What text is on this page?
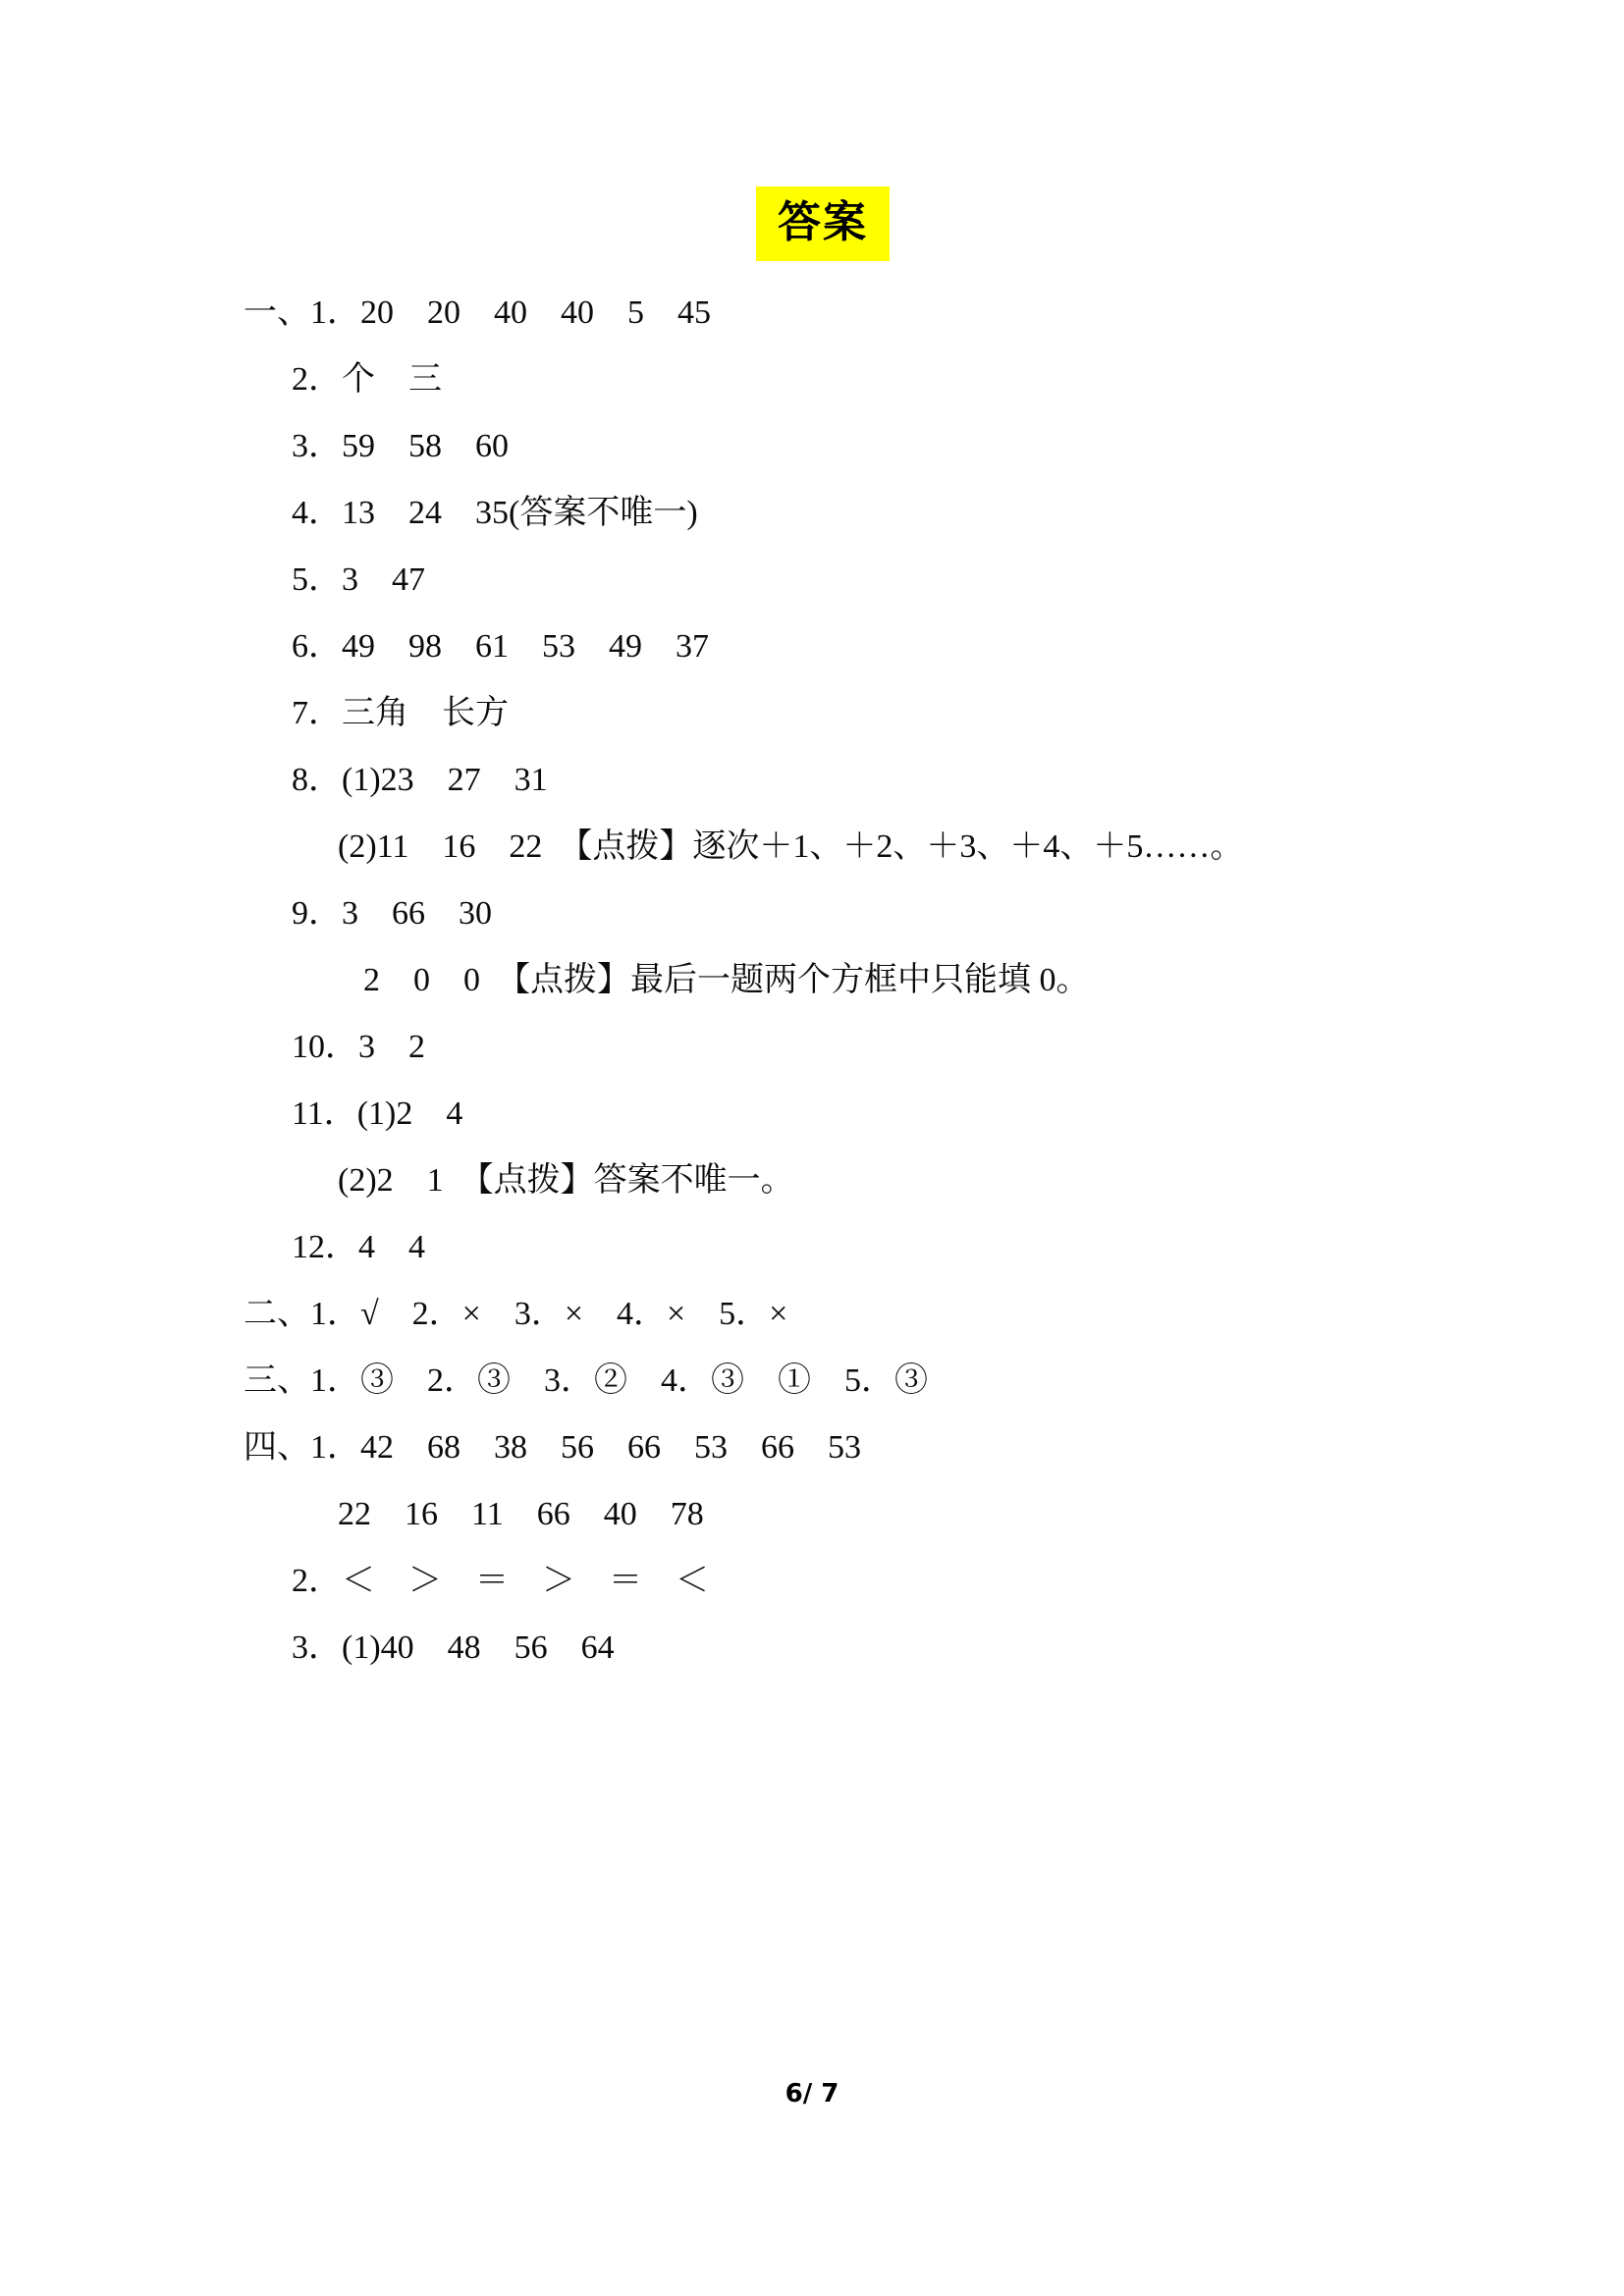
答案
一、1．20　20　40　40　5　45
2．个　三
3．59　58　60
4．13　24　35(答案不唯一)
5．3　47
6．49　98　61　53　49　37
7．三角　长方
8．(1)23　27　31
(2)11　16　22　【点拨】逐次＋1、＋2、＋3、＋4、＋5……。
9．3　66　30
2　0　0　【点拨】最后一题两个方框中只能填 0。
10．3　2
11．(1)2　4
(2)2　1　【点拨】答案不唯一。
12．4　4
二、1．√　2．×　3．×　4．×　5．×
三、1．③　2．③　3．②　4．③　①　5．③
四、1．42　68　38　56　66　53　66　53
22　16　11　66　40　78
2．＜　＞　＝　＞　＝　＜
3．(1)40　48　56　64
6/ 7
